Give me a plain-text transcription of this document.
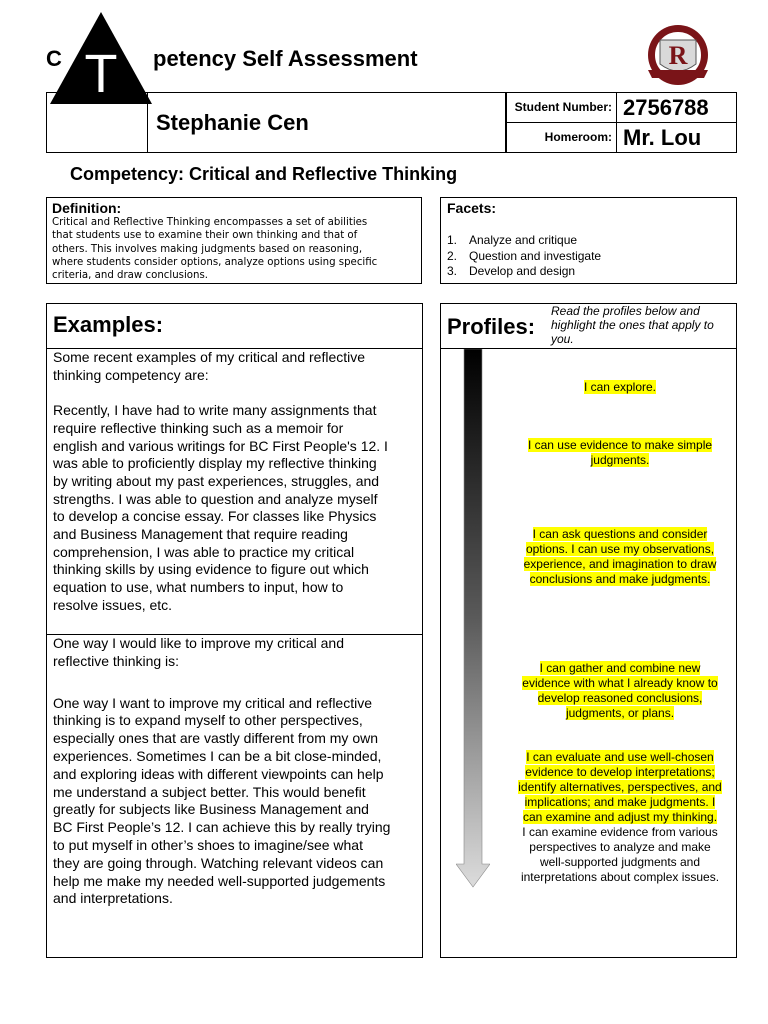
C	petency Self Assessment
T	R
Stephanie Cen
Student Number: 2756788
Homeroom: Mr. Lou
Competency: Critical and Reflective Thinking
Definition:
Critical and Reflective Thinking encompasses a set of abilities
that students use to examine their own thinking and that of
others. This involves making judgments based on reasoning,
where students consider options, analyze options using specific
criteria, and draw conclusions.
Facets:
1. Analyze and critique
2. Question and investigate
3. Develop and design
Examples:
Some recent examples of my critical and reflective
thinking competency are:
Recently, I have had to write many assignments that
require reflective thinking such as a memoir for
english and various writings for BC First People's 12. I
was able to proficiently display my reflective thinking
by writing about my past experiences, struggles, and
strengths. I was able to question and analyze myself
to develop a concise essay. For classes like Physics
and Business Management that require reading
comprehension, I was able to practice my critical
thinking skills by using evidence to figure out which
equation to use, what numbers to input, how to
resolve issues, etc.
One way I would like to improve my critical and
reflective thinking is:
One way I want to improve my critical and reflective
thinking is to expand myself to other perspectives,
especially ones that are vastly different from my own
experiences. Sometimes I can be a bit close-minded,
and exploring ideas with different viewpoints can help
me understand a subject better. This would benefit
greatly for subjects like Business Management and
BC First People’s 12. I can achieve this by really trying
to put myself in other’s shoes to imagine/see what
they are going through. Watching relevant videos can
help me make my needed well-supported judgements
and interpretations.
Profiles:
Read the profiles below and highlight the ones that apply to you.
I can explore.
I can use evidence to make simple
judgments.
I can ask questions and consider
options. I can use my observations,
experience, and imagination to draw
conclusions and make judgments.
I can gather and combine new
evidence with what I already know to
develop reasoned conclusions,
judgments, or plans.
I can evaluate and use well-chosen
evidence to develop interpretations;
identify alternatives, perspectives, and
implications; and make judgments. I
can examine and adjust my thinking.
I can examine evidence from various
perspectives to analyze and make
well-supported judgments and
interpretations about complex issues.
